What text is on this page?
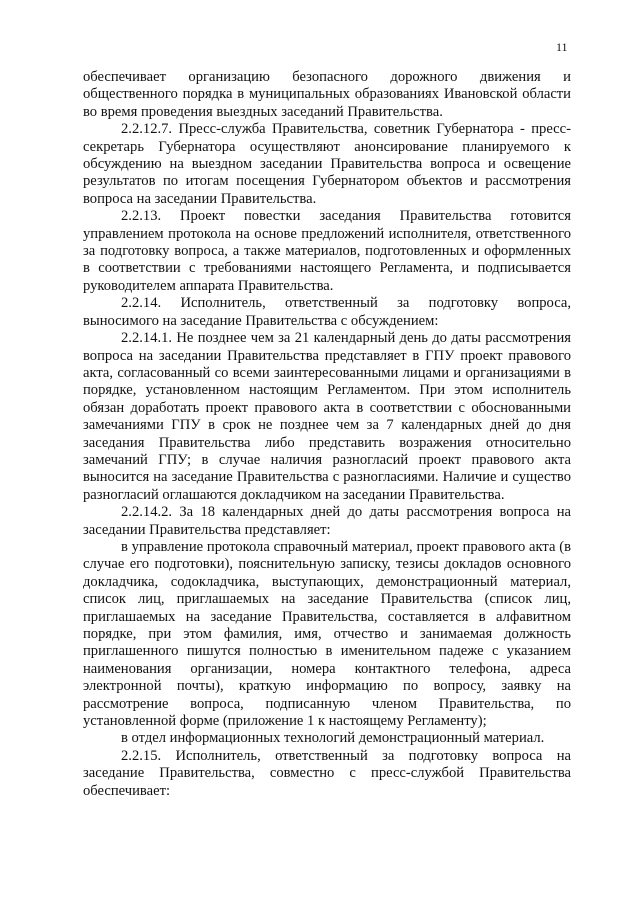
11

обеспечивает организацию безопасного дорожного движения и общественного порядка в муниципальных образованиях Ивановской области во время проведения выездных заседаний Правительства.

2.2.12.7. Пресс-служба Правительства, советник Губернатора - пресс-секретарь Губернатора осуществляют анонсирование планируемого к обсуждению на выездном заседании Правительства вопроса и освещение результатов по итогам посещения Губернатором объектов и рассмотрения вопроса на заседании Правительства.

2.2.13. Проект повестки заседания Правительства готовится управлением протокола на основе предложений исполнителя, ответственного за подготовку вопроса, а также материалов, подготовленных и оформленных в соответствии с требованиями настоящего Регламента, и подписывается руководителем аппарата Правительства.

2.2.14. Исполнитель, ответственный за подготовку вопроса, выносимого на заседание Правительства с обсуждением:

2.2.14.1. Не позднее чем за 21 календарный день до даты рассмотрения вопроса на заседании Правительства представляет в ГПУ проект правового акта, согласованный со всеми заинтересованными лицами и организациями в порядке, установленном настоящим Регламентом. При этом исполнитель обязан доработать проект правового акта в соответствии с обоснованными замечаниями ГПУ в срок не позднее чем за 7 календарных дней до дня заседания Правительства либо представить возражения относительно замечаний ГПУ; в случае наличия разногласий проект правового акта выносится на заседание Правительства с разногласиями. Наличие и существо разногласий оглашаются докладчиком на заседании Правительства.

2.2.14.2. За 18 календарных дней до даты рассмотрения вопроса на заседании Правительства представляет:

в управление протокола справочный материал, проект правового акта (в случае его подготовки), пояснительную записку, тезисы докладов основного докладчика, содокладчика, выступающих, демонстрационный материал, список лиц, приглашаемых на заседание Правительства (список лиц, приглашаемых на заседание Правительства, составляется в алфавитном порядке, при этом фамилия, имя, отчество и занимаемая должность приглашенного пишутся полностью в именительном падеже с указанием наименования организации, номера контактного телефона, адреса электронной почты), краткую информацию по вопросу, заявку на рассмотрение вопроса, подписанную членом Правительства, по установленной форме (приложение 1 к настоящему Регламенту);

в отдел информационных технологий демонстрационный материал.

2.2.15. Исполнитель, ответственный за подготовку вопроса на заседание Правительства, совместно с пресс-службой Правительства обеспечивает:
